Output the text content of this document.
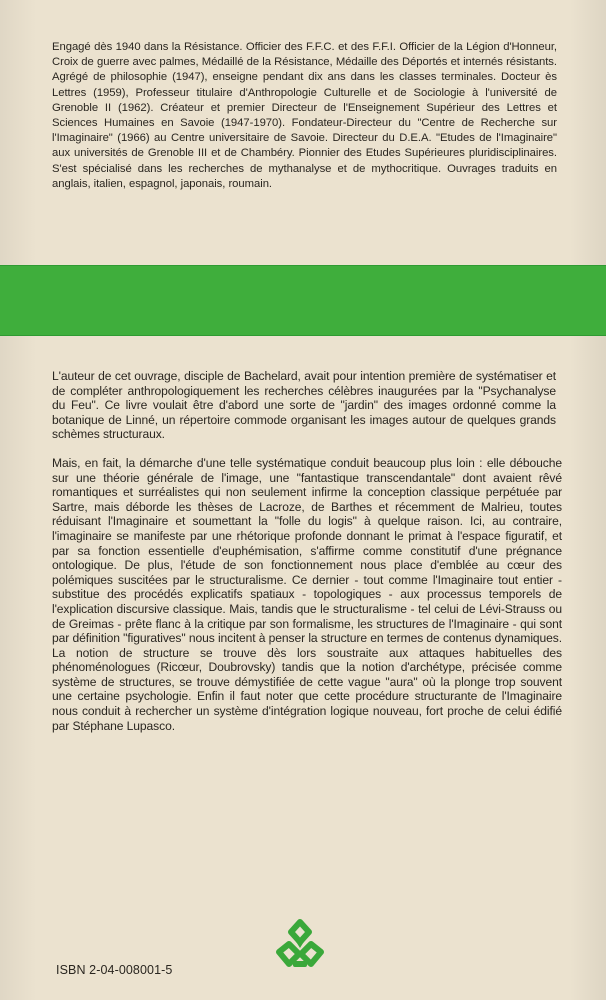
Engagé dès 1940 dans la Résistance. Officier des F.F.C. et des F.F.I. Officier de la Légion d'Honneur, Croix de guerre avec palmes, Médaillé de la Résistance, Médaille des Déportés et internés résistants. Agrégé de philosophie (1947), enseigne pendant dix ans dans les classes terminales. Docteur ès Lettres (1959), Professeur titulaire d'Anthropologie Culturelle et de Sociologie à l'université de Grenoble II (1962). Créateur et premier Directeur de l'Enseignement Supérieur des Lettres et Sciences Humaines en Savoie (1947-1970). Fondateur-Directeur du "Centre de Recherche sur l'Imaginaire" (1966) au Centre universitaire de Savoie. Directeur du D.E.A. "Etudes de l'Imaginaire" aux universités de Grenoble III et de Chambéry. Pionnier des Etudes Supérieures pluridisciplinaires. S'est spécialisé dans les recherches de mythanalyse et de mythocritique. Ouvrages traduits en anglais, italien, espagnol, japonais, roumain.

L'auteur de cet ouvrage, disciple de Bachelard, avait pour intention première de systématiser et de compléter anthropologiquement les recherches célèbres inaugurées par la "Psychanalyse du Feu". Ce livre voulait être d'abord une sorte de "jardin" des images ordonné comme la botanique de Linné, un répertoire commode organisant les images autour de quelques grands schèmes structuraux.

Mais, en fait, la démarche d'une telle systématique conduit beaucoup plus loin : elle débouche sur une théorie générale de l'image, une "fantastique transcendantale" dont avaient rêvé romantiques et surréalistes qui non seulement infirme la conception classique perpétuée par Sartre, mais déborde les thèses de Lacroze, de Barthes et récemment de Malrieu, toutes réduisant l'Imaginaire et soumettant la "folle du logis" à quelque raison. Ici, au contraire, l'imaginaire se manifeste par une rhétorique profonde donnant le primat à l'espace figuratif, et par sa fonction essentielle d'euphémisation, s'affirme comme constitutif d'une prégnance ontologique. De plus, l'étude de son fonctionnement nous place d'emblée au cœur des polémiques suscitées par le structuralisme. Ce dernier - tout comme l'Imaginaire tout entier - substitue des procédés explicatifs spatiaux - topologiques - aux processus temporels de l'explication discursive classique. Mais, tandis que le structuralisme - tel celui de Lévi-Strauss ou de Greimas - prête flanc à la critique par son formalisme, les structures de l'Imaginaire - qui sont par définition "figuratives" nous incitent à penser la structure en termes de contenus dynamiques. La notion de structure se trouve dès lors soustraite aux attaques habituelles des phénoménologues (Ricœur, Doubrovsky) tandis que la notion d'archétype, précisée comme système de structures, se trouve démystifiée de cette vague "aura" où la plonge trop souvent une certaine psychologie. Enfin il faut noter que cette procédure structurante de l'Imaginaire nous conduit à rechercher un système d'intégration logique nouveau, fort proche de celui édifié par Stéphane Lupasco.

ISBN 2-04-008001-5
